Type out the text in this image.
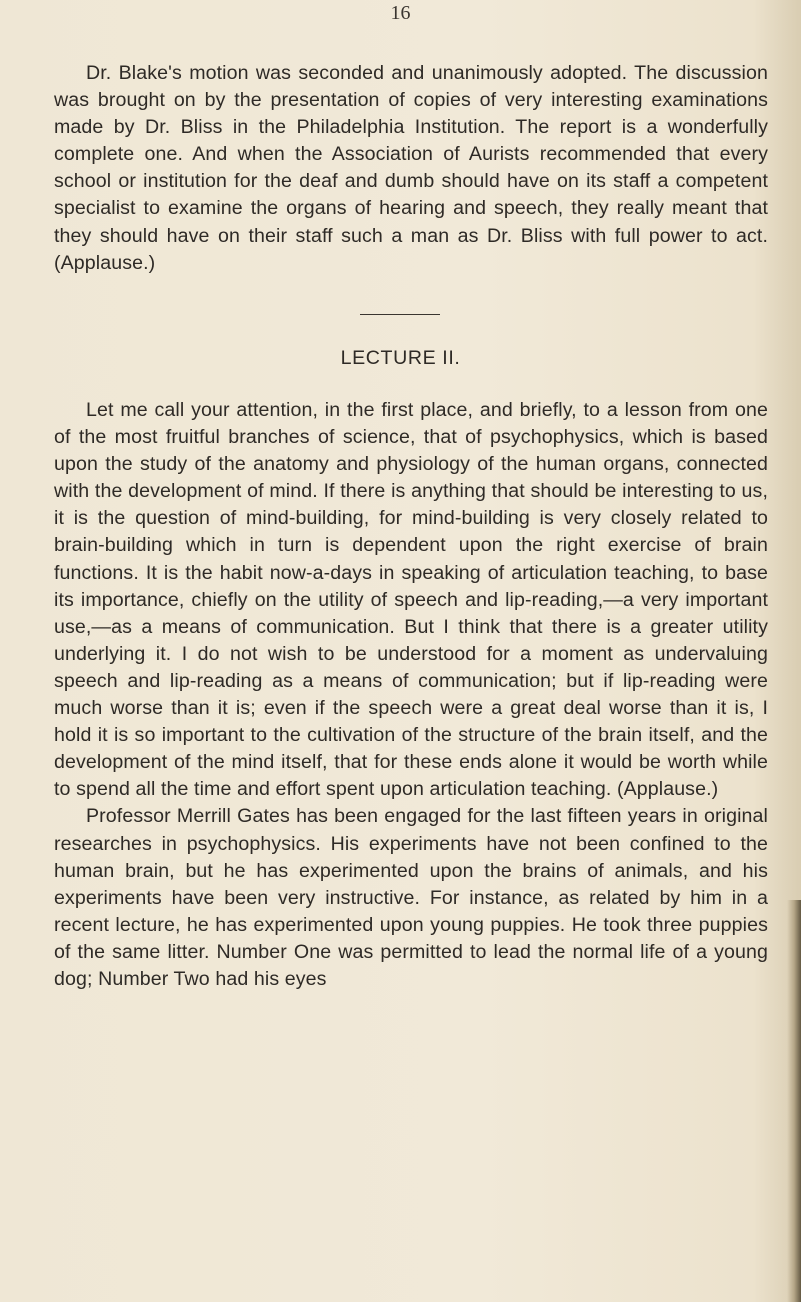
16

Dr. Blake's motion was seconded and unanimously adopted. The discussion was brought on by the presentation of copies of very interesting examinations made by Dr. Bliss in the Philadelphia Institution. The report is a wonderfully complete one. And when the Association of Aurists recommended that every school or institution for the deaf and dumb should have on its staff a competent specialist to examine the organs of hearing and speech, they really meant that they should have on their staff such a man as Dr. Bliss with full power to act. (Applause.)

LECTURE II.

Let me call your attention, in the first place, and briefly, to a lesson from one of the most fruitful branches of science, that of psychophysics, which is based upon the study of the anatomy and physiology of the human organs, connected with the development of mind. If there is anything that should be interesting to us, it is the question of mind-building, for mind-building is very closely related to brain-building which in turn is dependent upon the right exercise of brain functions. It is the habit now-a-days in speaking of articulation teaching, to base its importance, chiefly on the utility of speech and lip-reading,—a very important use,—as a means of communication. But I think that there is a greater utility underlying it. I do not wish to be understood for a moment as undervaluing speech and lip-reading as a means of communication; but if lip-reading were much worse than it is; even if the speech were a great deal worse than it is, I hold it is so important to the cultivation of the structure of the brain itself, and the development of the mind itself, that for these ends alone it would be worth while to spend all the time and effort spent upon articulation teaching. (Applause.)

Professor Merrill Gates has been engaged for the last fifteen years in original researches in psychophysics. His experiments have not been confined to the human brain, but he has experimented upon the brains of animals, and his experiments have been very instructive. For instance, as related by him in a recent lecture, he has experimented upon young puppies. He took three puppies of the same litter. Number One was permitted to lead the normal life of a young dog; Number Two had his eyes
